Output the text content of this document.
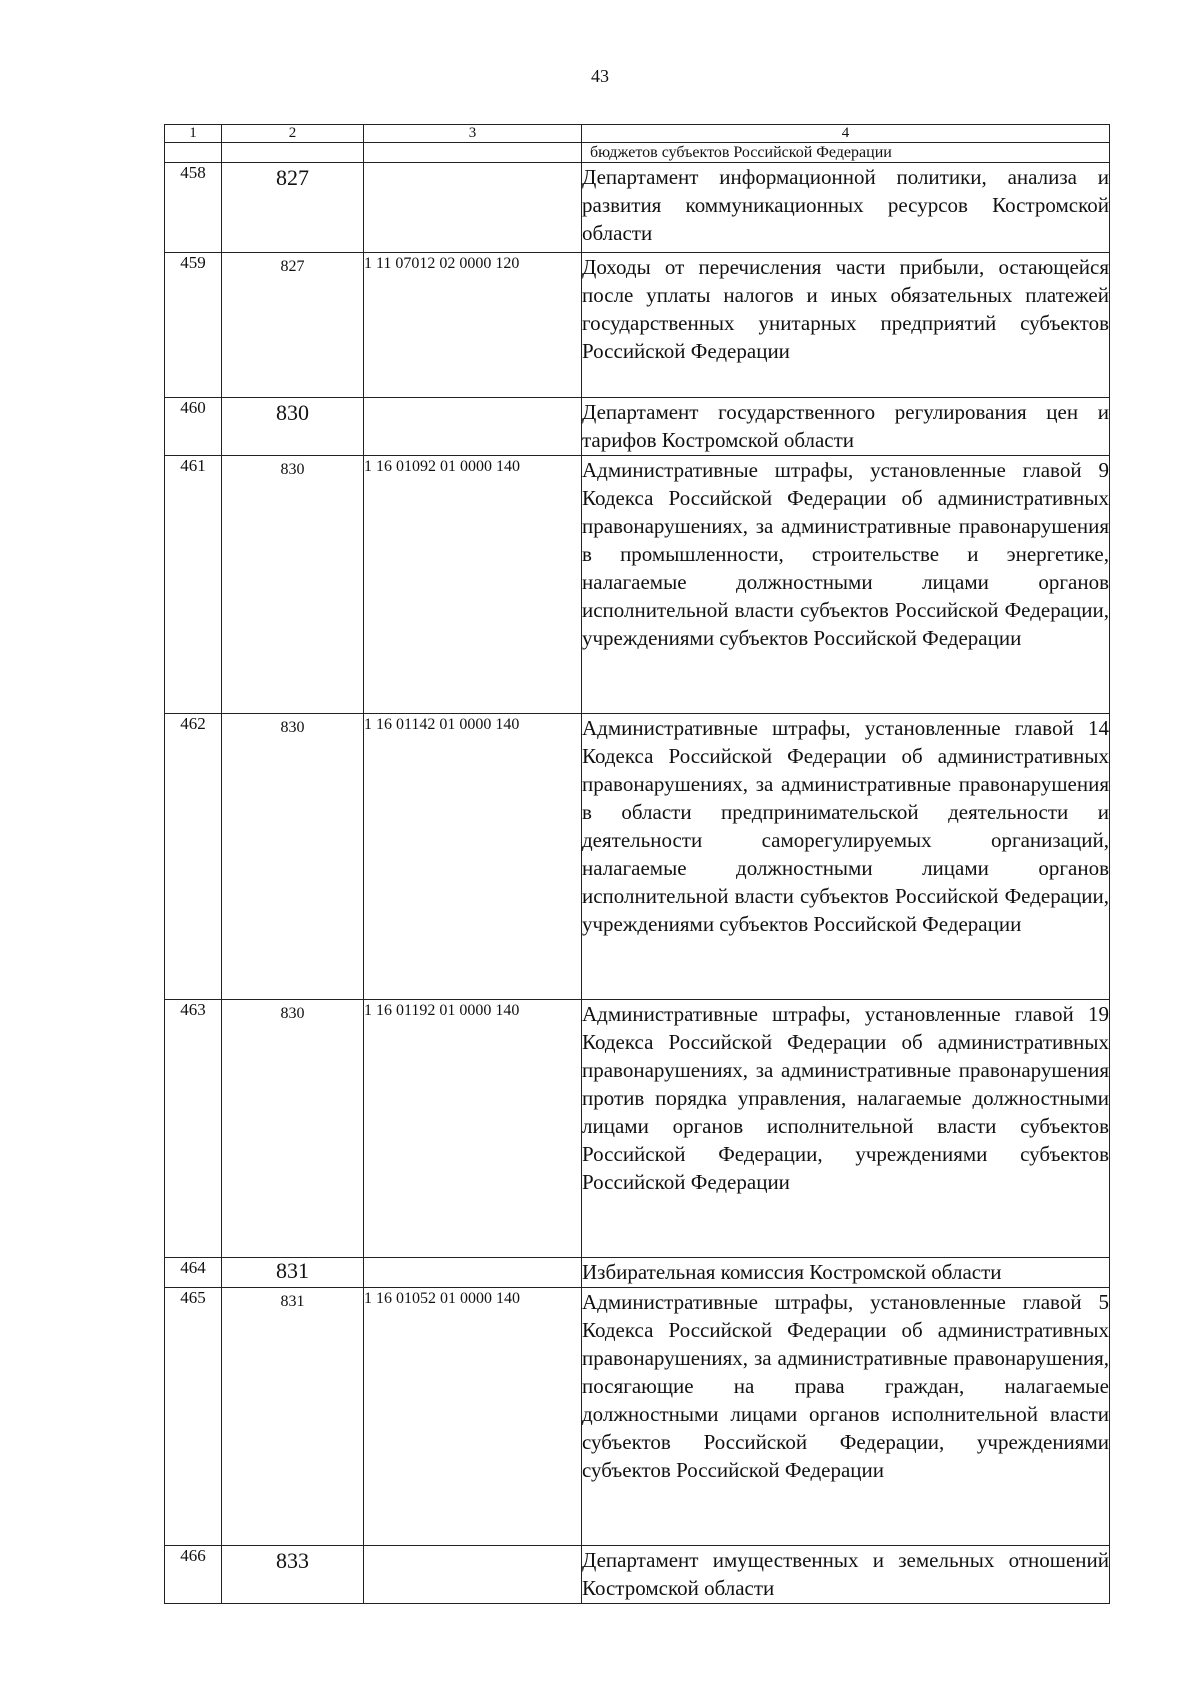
43
1	2	3	4
			бюджетов субъектов Российской Федерации
458	827		Департамент информационной политики, анализа и развития коммуникационных ресурсов Костромской области
459	827	1 11 07012 02 0000 120	Доходы от перечисления части прибыли, остающейся после уплаты налогов и иных обязательных платежей государственных унитарных предприятий субъектов Российской Федерации
460	830		Департамент государственного регулирования цен и тарифов Костромской области
461	830	1 16 01092 01 0000 140	Административные штрафы, установленные главой 9 Кодекса Российской Федерации об административных правонарушениях, за административные правонарушения в промышленности, строительстве и энергетике, налагаемые должностными лицами органов исполнительной власти субъектов Российской Федерации, учреждениями субъектов Российской Федерации
462	830	1 16 01142 01 0000 140	Административные штрафы, установленные главой 14 Кодекса Российской Федерации об административных правонарушениях, за административные правонарушения в области предпринимательской деятельности и деятельности саморегулируемых организаций, налагаемые должностными лицами органов исполнительной власти субъектов Российской Федерации, учреждениями субъектов Российской Федерации
463	830	1 16 01192 01 0000 140	Административные штрафы, установленные главой 19 Кодекса Российской Федерации об административных правонарушениях, за административные правонарушения против порядка управления, налагаемые должностными лицами органов исполнительной власти субъектов Российской Федерации, учреждениями субъектов Российской Федерации
464	831		Избирательная комиссия Костромской области
465	831	1 16 01052 01 0000 140	Административные штрафы, установленные главой 5 Кодекса Российской Федерации об административных правонарушениях, за административные правонарушения, посягающие на права граждан, налагаемые должностными лицами органов исполнительной власти субъектов Российской Федерации, учреждениями субъектов Российской Федерации
466	833		Департамент имущественных и земельных отношений Костромской области
